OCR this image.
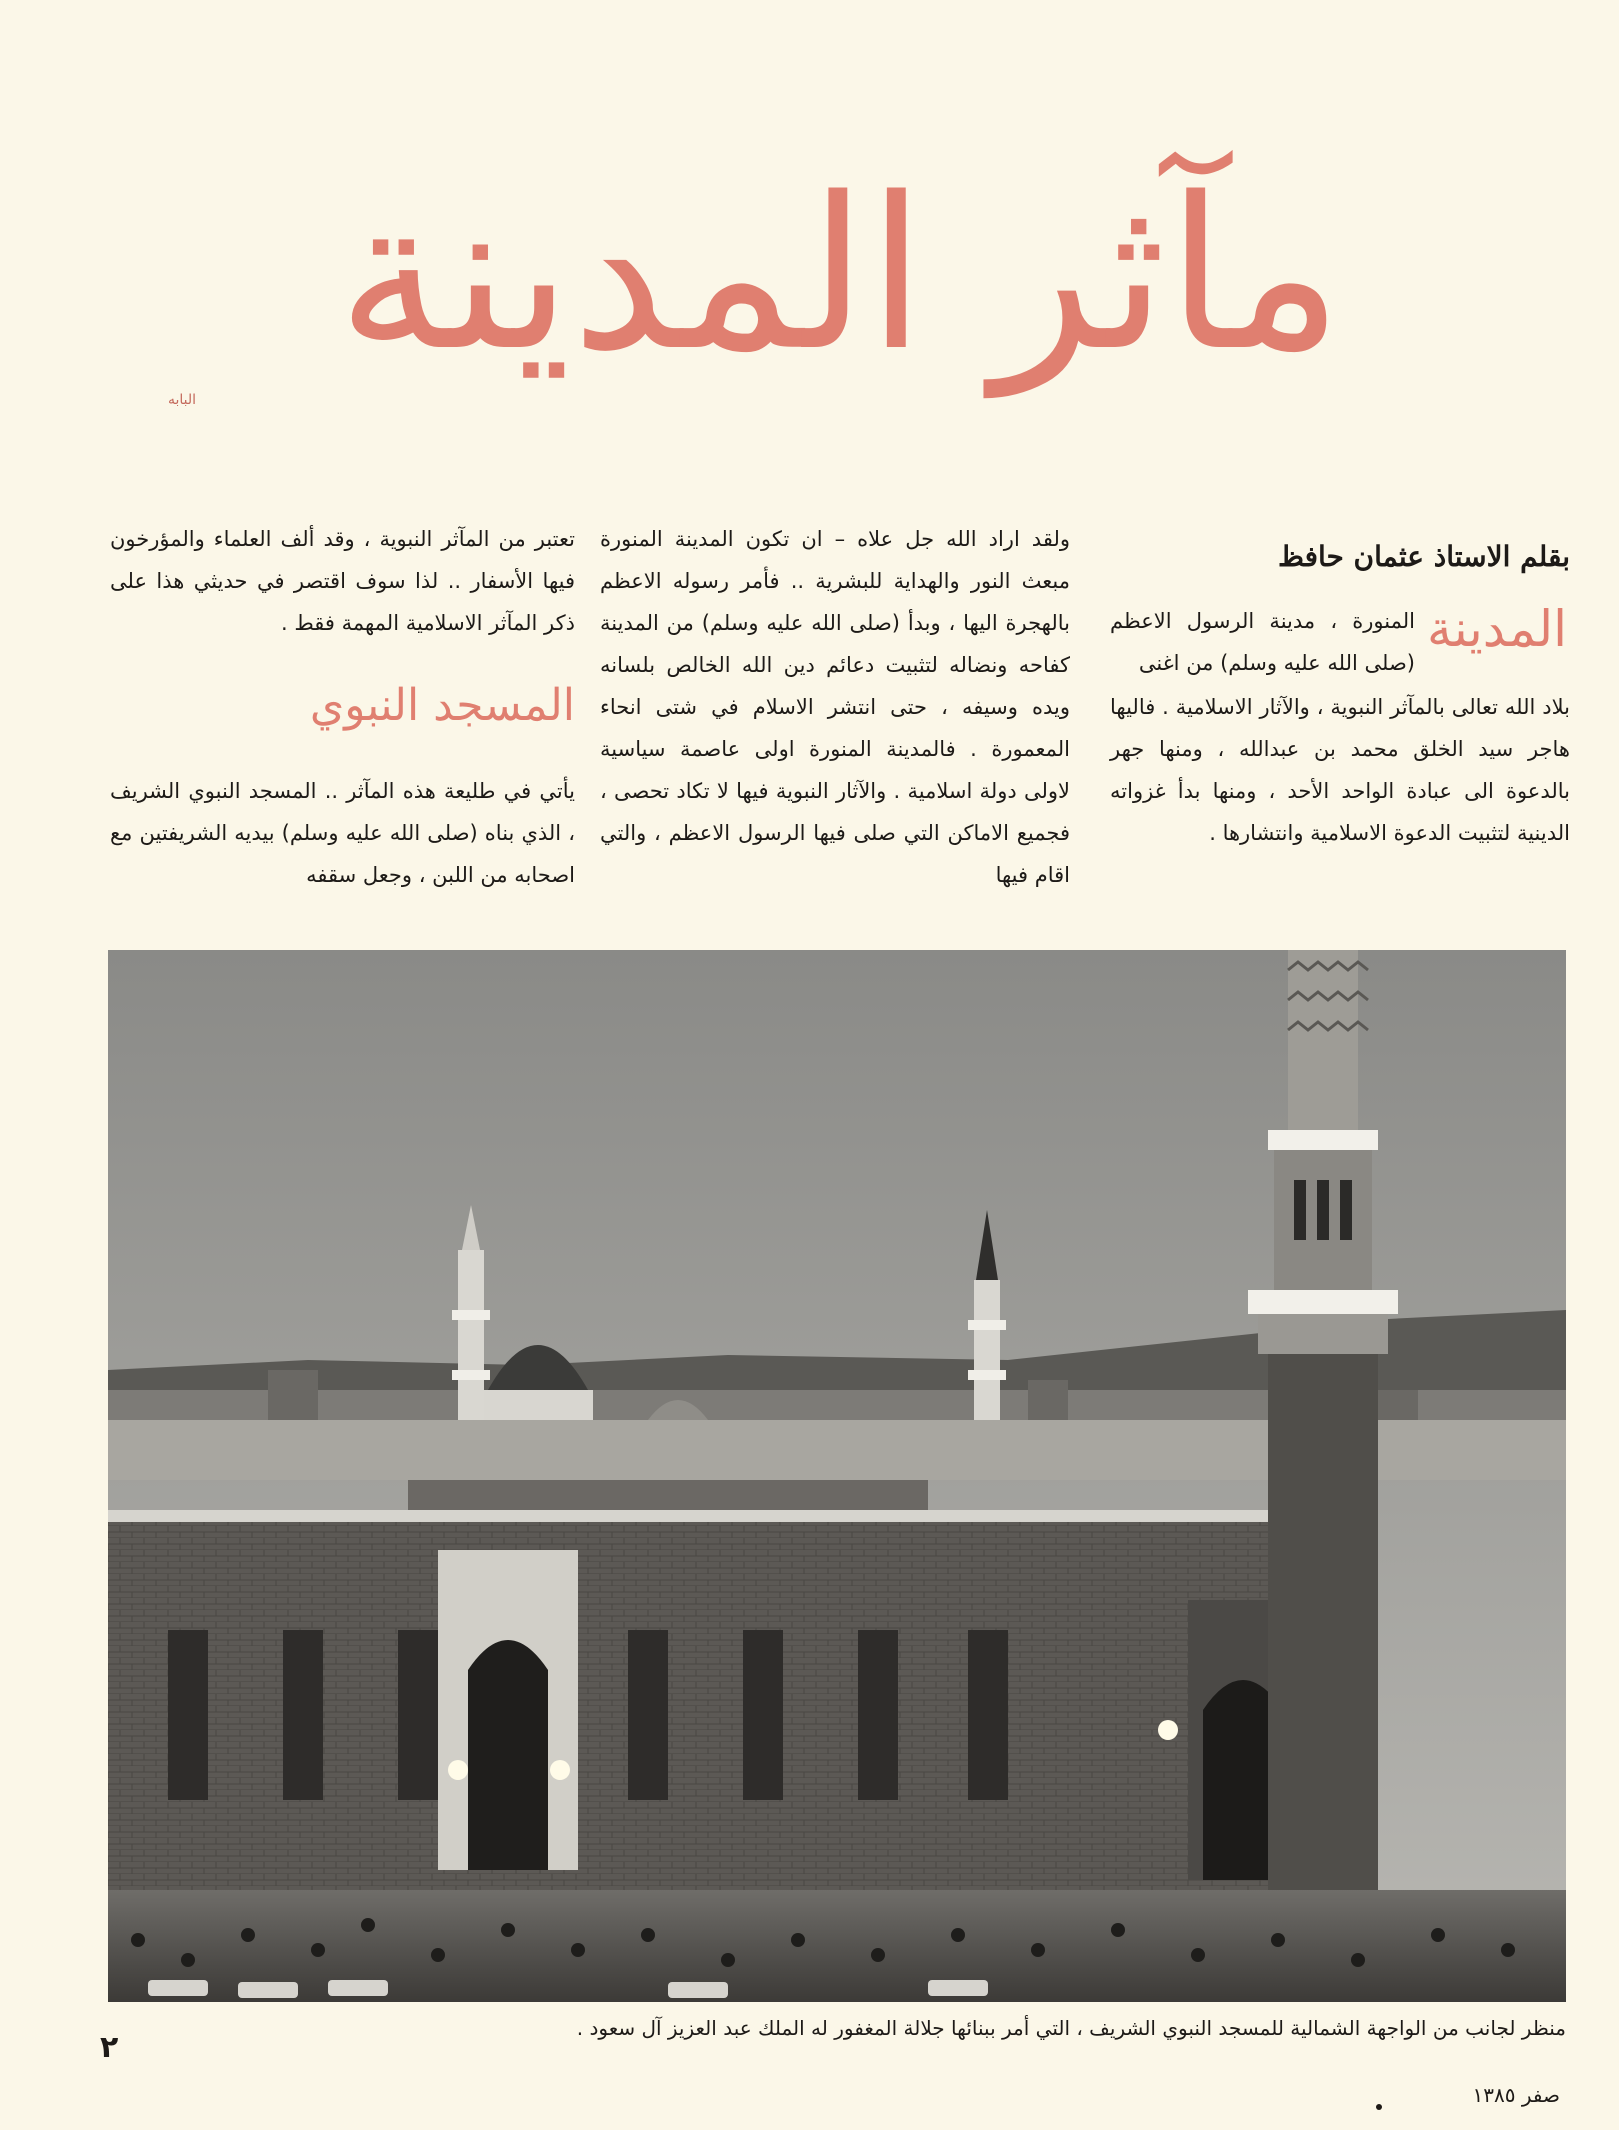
مآثر المدينة
البابه
بقلم الاستاذ عثمان حافظ
المدينة

المنورة ، مدينة الرسول الاعظم (صلى الله عليه وسلم) من اغنى

بلاد الله تعالى بالمآثر النبوية ، والآثار الاسلامية . فاليها هاجر سيد الخلق محمد بن عبدالله ، ومنها جهر بالدعوة الى عبادة الواحد الأحد ، ومنها بدأ غزواته الدينية لتثبيت الدعوة الاسلامية وانتشارها .

ولقد اراد الله جل علاه – ان تكون المدينة المنورة مبعث النور والهداية للبشرية .. فأمر رسوله الاعظم بالهجرة اليها ، وبدأ (صلى الله عليه وسلم) من المدينة كفاحه ونضاله لتثبيت دعائم دين الله الخالص بلسانه ويده وسيفه ، حتى انتشر الاسلام في شتى انحاء المعمورة . فالمدينة المنورة اولى عاصمة سياسية لاولى دولة اسلامية . والآثار النبوية فيها لا تكاد تحصى ، فجميع الاماكن التي صلى فيها الرسول الاعظم ، والتي اقام فيها

تعتبر من المآثر النبوية ، وقد ألف العلماء والمؤرخون فيها الأسفار .. لذا سوف اقتصر في حديثي هذا على ذكر المآثر الاسلامية المهمة فقط .

المسجد النبوي

يأتي في طليعة هذه المآثر .. المسجد النبوي الشريف ، الذي بناه (صلى الله عليه وسلم) بيديه الشريفتين مع اصحابه من اللبن ، وجعل سقفه

منظر لجانب من الواجهة الشمالية للمسجد النبوي الشريف ، التي أمر ببنائها جلالة المغفور له الملك عبد العزيز آل سعود .
٢
صفر ١٣٨٥
